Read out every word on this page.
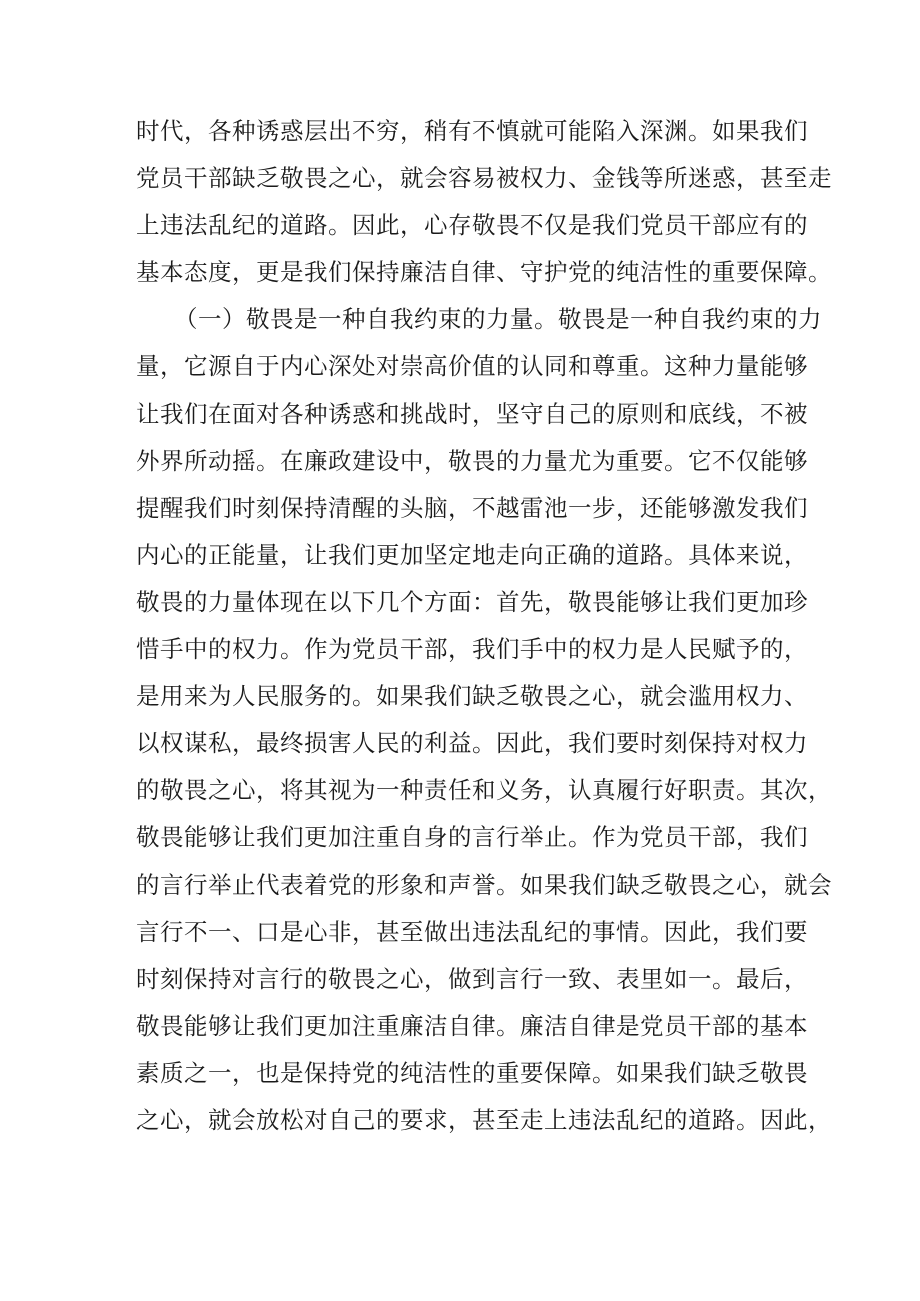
时代，各种诱惑层出不穷，稍有不慎就可能陷入深渊。如果我们
党员干部缺乏敬畏之心，就会容易被权力、金钱等所迷惑，甚至走
上违法乱纪的道路。因此，心存敬畏不仅是我们党员干部应有的
基本态度，更是我们保持廉洁自律、守护党的纯洁性的重要保障。
（一）敬畏是一种自我约束的力量。敬畏是一种自我约束的力
量，它源自于内心深处对崇高价值的认同和尊重。这种力量能够
让我们在面对各种诱惑和挑战时，坚守自己的原则和底线，不被
外界所动摇。在廉政建设中，敬畏的力量尤为重要。它不仅能够
提醒我们时刻保持清醒的头脑，不越雷池一步，还能够激发我们
内心的正能量，让我们更加坚定地走向正确的道路。具体来说，
敬畏的力量体现在以下几个方面：首先，敬畏能够让我们更加珍
惜手中的权力。作为党员干部，我们手中的权力是人民赋予的，
是用来为人民服务的。如果我们缺乏敬畏之心，就会滥用权力、
以权谋私，最终损害人民的利益。因此，我们要时刻保持对权力
的敬畏之心，将其视为一种责任和义务，认真履行好职责。其次，
敬畏能够让我们更加注重自身的言行举止。作为党员干部，我们
的言行举止代表着党的形象和声誉。如果我们缺乏敬畏之心，就会
言行不一、口是心非，甚至做出违法乱纪的事情。因此，我们要
时刻保持对言行的敬畏之心，做到言行一致、表里如一。最后，
敬畏能够让我们更加注重廉洁自律。廉洁自律是党员干部的基本
素质之一，也是保持党的纯洁性的重要保障。如果我们缺乏敬畏
之心，就会放松对自己的要求，甚至走上违法乱纪的道路。因此，
